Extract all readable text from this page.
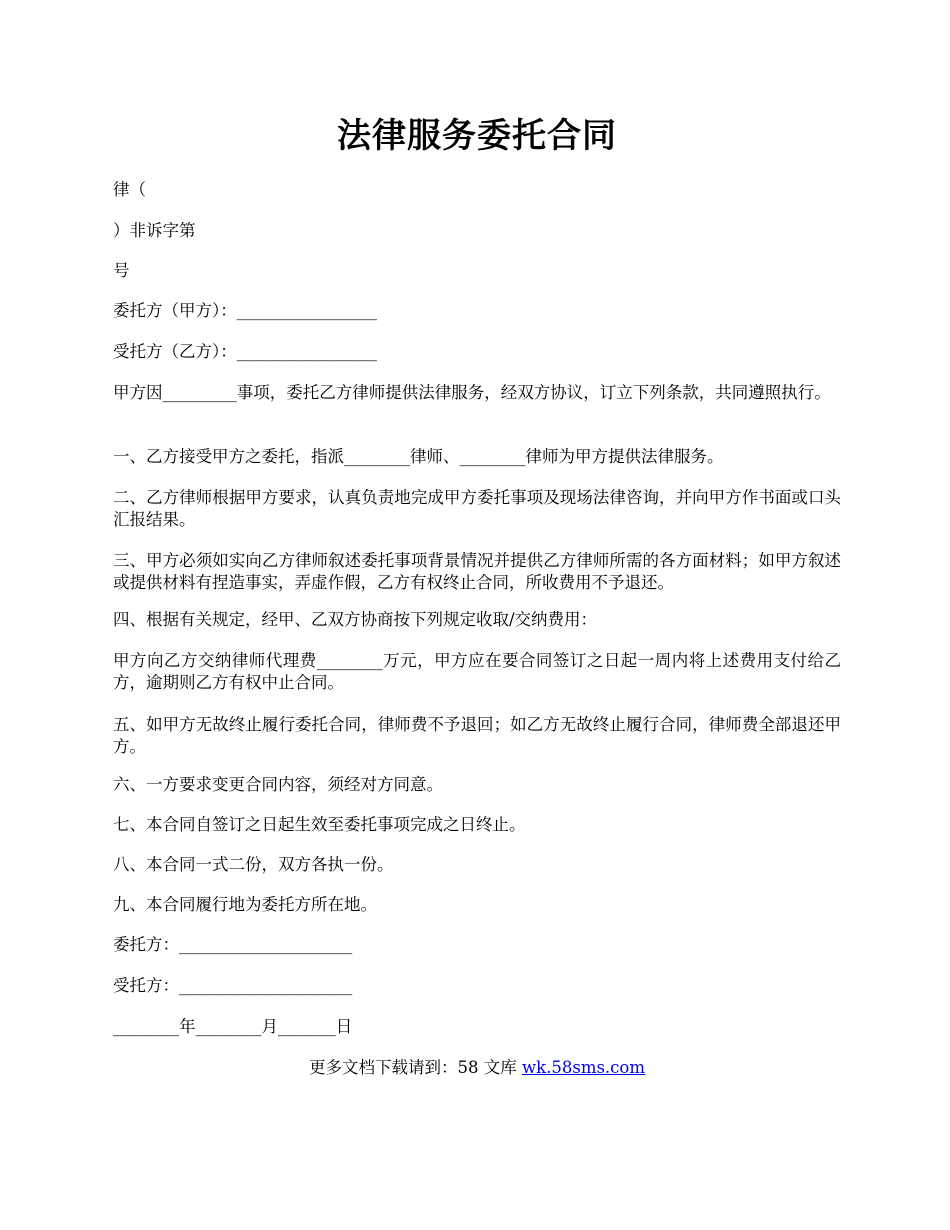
法律服务委托合同
律（
）非诉字第
号
委托方（甲方）：_________________
受托方（乙方）：_________________
甲方因_________事项，委托乙方律师提供法律服务，经双方协议，订立下列条款，共同遵照执行。
一、乙方接受甲方之委托，指派________律师、________律师为甲方提供法律服务。
二、乙方律师根据甲方要求，认真负责地完成甲方委托事项及现场法律咨询，并向甲方作书面或口头汇报结果。
三、甲方必须如实向乙方律师叙述委托事项背景情况并提供乙方律师所需的各方面材料；如甲方叙述或提供材料有捏造事实，弄虚作假，乙方有权终止合同，所收费用不予退还。
四、根据有关规定，经甲、乙双方协商按下列规定收取/交纳费用：
甲方向乙方交纳律师代理费________万元，甲方应在要合同签订之日起一周内将上述费用支付给乙方，逾期则乙方有权中止合同。
五、如甲方无故终止履行委托合同，律师费不予退回；如乙方无故终止履行合同，律师费全部退还甲方。
六、一方要求变更合同内容，须经对方同意。
七、本合同自签订之日起生效至委托事项完成之日终止。
八、本合同一式二份，双方各执一份。
九、本合同履行地为委托方所在地。
委托方：_____________________
受托方：_____________________
________年________月_______日
更多文档下载请到：58 文库 wk.58sms.com
